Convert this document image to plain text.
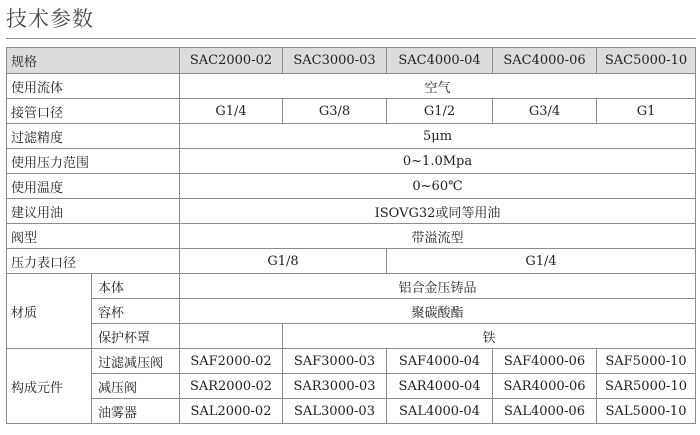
技术参数
规格		SAC2000-02	SAC3000-03	SAC4000-04	SAC4000-06	SAC5000-10
使用流体		空气				
接管口径		G1/4	G3/8	G1/2	G3/4	G1
过滤精度		5μm				
使用压力范围		0~1.0Mpa				
使用温度		0~60℃				
建议用油		ISOVG32或同等用油				
阀型		带溢流型				
压力表口径		G1/8		G1/4		
材质	本体	铝合金压铸品				
	容杯	聚碳酸酯				
	保护杯罩		铁			
构成元件	过滤减压阀	SAF2000-02	SAF3000-03	SAF4000-04	SAF4000-06	SAF5000-10
	减压阀	SAR2000-02	SAR3000-03	SAR4000-04	SAR4000-06	SAR5000-10
	油雾器	SAL2000-02	SAL3000-03	SAL4000-04	SAL4000-06	SAL5000-10
